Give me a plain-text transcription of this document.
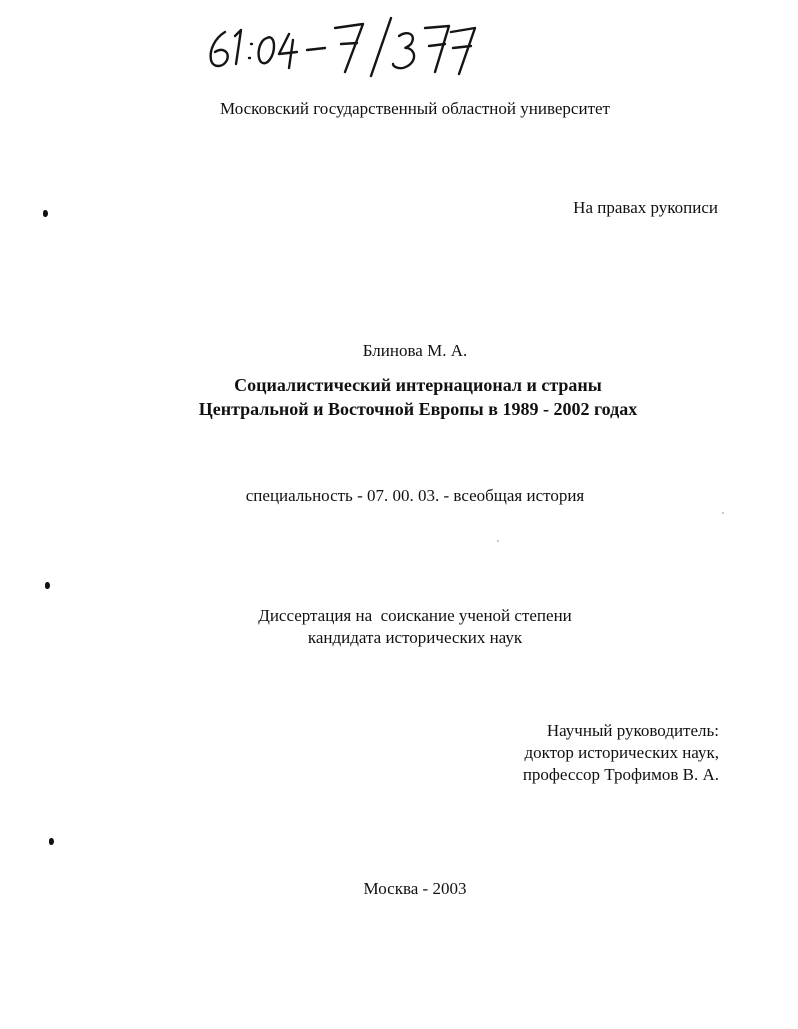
Московский государственный областной университет
На правах рукописи
Блинова М. А.
Социалистический интернационал и страны
Центральной и Восточной Европы в 1989 - 2002 годах
специальность - 07. 00. 03. - всеобщая история
Диссертация на  соискание ученой степени
кандидата исторических наук
Научный руководитель:
доктор исторических наук,
профессор Трофимов В. А.
Москва - 2003
